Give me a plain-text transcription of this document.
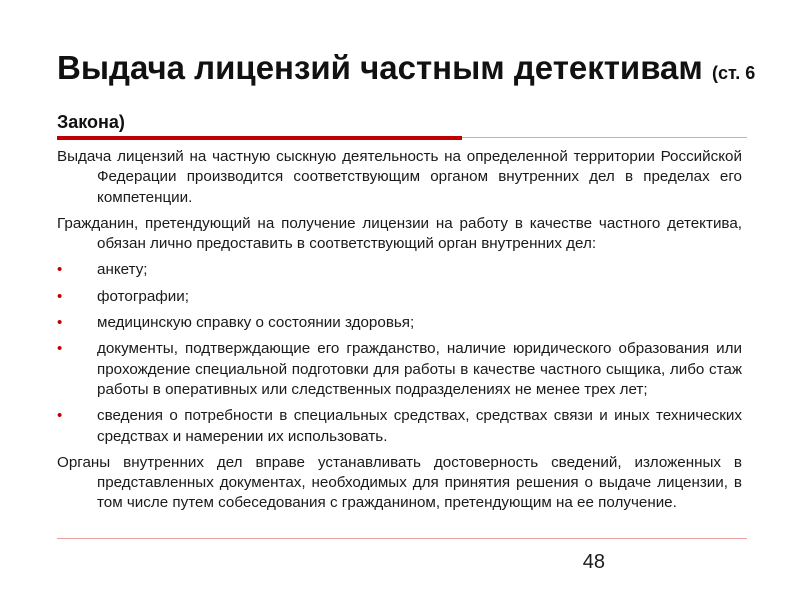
Выдача лицензий частным детективам (ст. 6 Закона)

Выдача лицензий на частную сыскную деятельность на определенной территории Российской Федерации производится соответствующим органом внутренних дел в пределах его компетенции.

Гражданин, претендующий на получение лицензии на работу в качестве частного детектива, обязан лично предоставить в соответствующий орган внутренних дел:

• анкету;
• фотографии;
• медицинскую справку о состоянии здоровья;
• документы, подтверждающие его гражданство, наличие юридического образования или прохождение специальной подготовки для работы в качестве частного сыщика, либо стаж работы в оперативных или следственных подразделениях не менее трех лет;
• сведения о потребности в специальных средствах, средствах связи и иных технических средствах и намерении их использовать.

Органы внутренних дел вправе устанавливать достоверность сведений, изложенных в представленных документах, необходимых для принятия решения о выдаче лицензии, в том числе путем собеседования с гражданином, претендующим на ее получение.

48
